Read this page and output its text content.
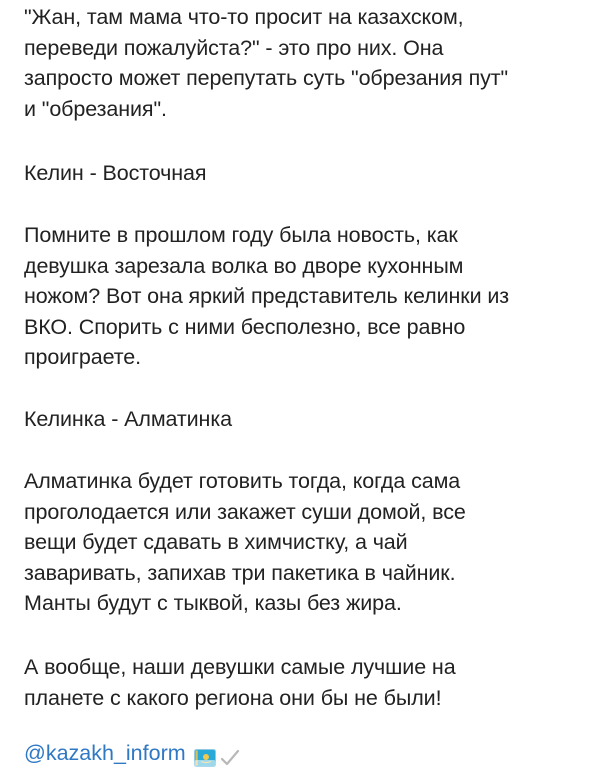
"Жан, там мама что-то просит на казахском,
переведи пожалуйста?" - это про них. Она
запросто может перепутать суть "обрезания пут"
и "обрезания".

Келин - Восточная

Помните в прошлом году была новость, как
девушка зарезала волка во дворе кухонным
ножом? Вот она яркий представитель келинки из
ВКО. Спорить с ними бесполезно, все равно
проиграете.

Келинка - Алматинка

Алматинка будет готовить тогда, когда сама
проголодается или закажет суши домой, все
вещи будет сдавать в химчистку, а чай
заваривать, запихав три пакетика в чайник.
Манты будут с тыквой, казы без жира.

А вообще, наши девушки самые лучшие на
планете с какого региона они бы не были!

@kazakh_inform
